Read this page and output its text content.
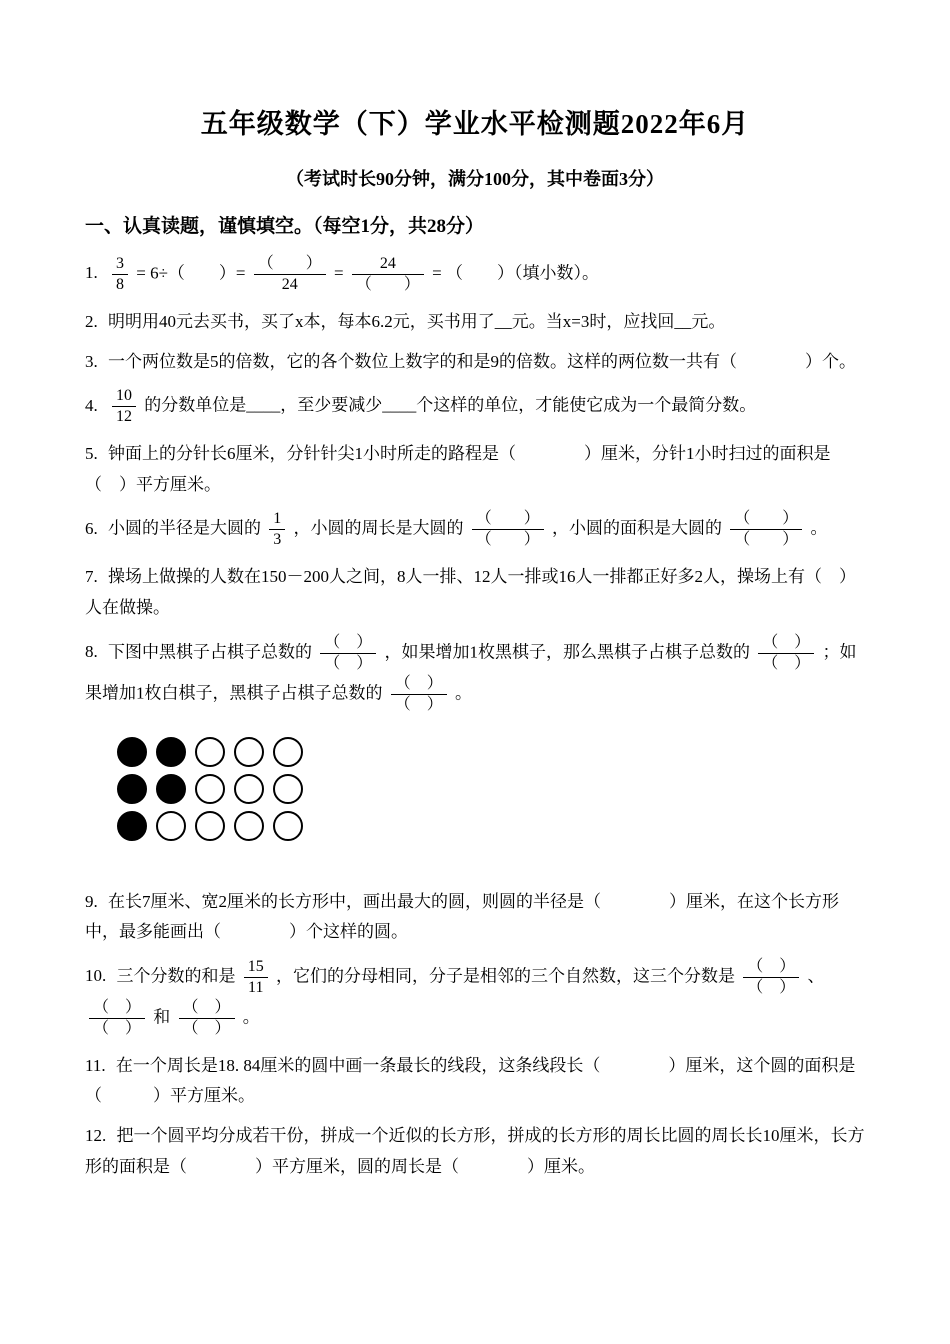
五年级数学（下）学业水平检测题2022年6月
（考试时长90分钟，满分100分，其中卷面3分）
一、认真读题，谨慎填空。（每空1分，共28分）

1. $\frac{3}{8} = 6\div$（　　）= $\frac{( )}{24} = \frac{24}{( )}$ = （　　）（填小数）。

2. 明明用40元去买书，买了x本，每本6.2元，买书用了__元。当x=3时，应找回__元。

3. 一个两位数是5的倍数，它的各个数位上数字的和是9的倍数。这样的两位数一共有（　　　　）个。

4. $\frac{10}{12}$ 的分数单位是____，至少要减少____个这样的单位，才能使它成为一个最简分数。

5. 钟面上的分针长6厘米，分针针尖1小时所走的路程是（　　　　）厘米，分针1小时扫过的面积是（　）平方厘米。

6. 小圆的半径是大圆的 $\frac{1}{3}$ ，小圆的周长是大圆的 $\frac{( )}{( )}$ ，小圆的面积是大圆的 $\frac{( )}{( )}$ 。

7. 操场上做操的人数在150－200人之间，8人一排、12人一排或16人一排都正好多2人，操场上有（　）人在做操。

8. 下图中黑棋子占棋子总数的 $\frac{( )}{( )}$ ，如果增加1枚黑棋子，那么黑棋子占棋子总数的 $\frac{( )}{( )}$ ；如果增加1枚白棋子，黑棋子占棋子总数的 $\frac{( )}{( )}$ 。

9. 在长7厘米、宽2厘米的长方形中，画出最大的圆，则圆的半径是（　　　　）厘米，在这个长方形中，最多能画出（　　　　）个这样的圆。

10. 三个分数的和是 $\frac{15}{11}$ ，它们的分母相同，分子是相邻的三个自然数，这三个分数是 $\frac{( )}{( )}$ 、
$\frac{( )}{( )}$ 和 $\frac{( )}{( )}$ 。

11. 在一个周长是18. 84厘米的圆中画一条最长的线段，这条线段长（　　　　）厘米，这个圆的面积是（　　　）平方厘米。

12. 把一个圆平均分成若干份，拼成一个近似的长方形，拼成的长方形的周长比圆的周长长10厘米，长方形的面积是（　　　　）平方厘米，圆的周长是（　　　　）厘米。
